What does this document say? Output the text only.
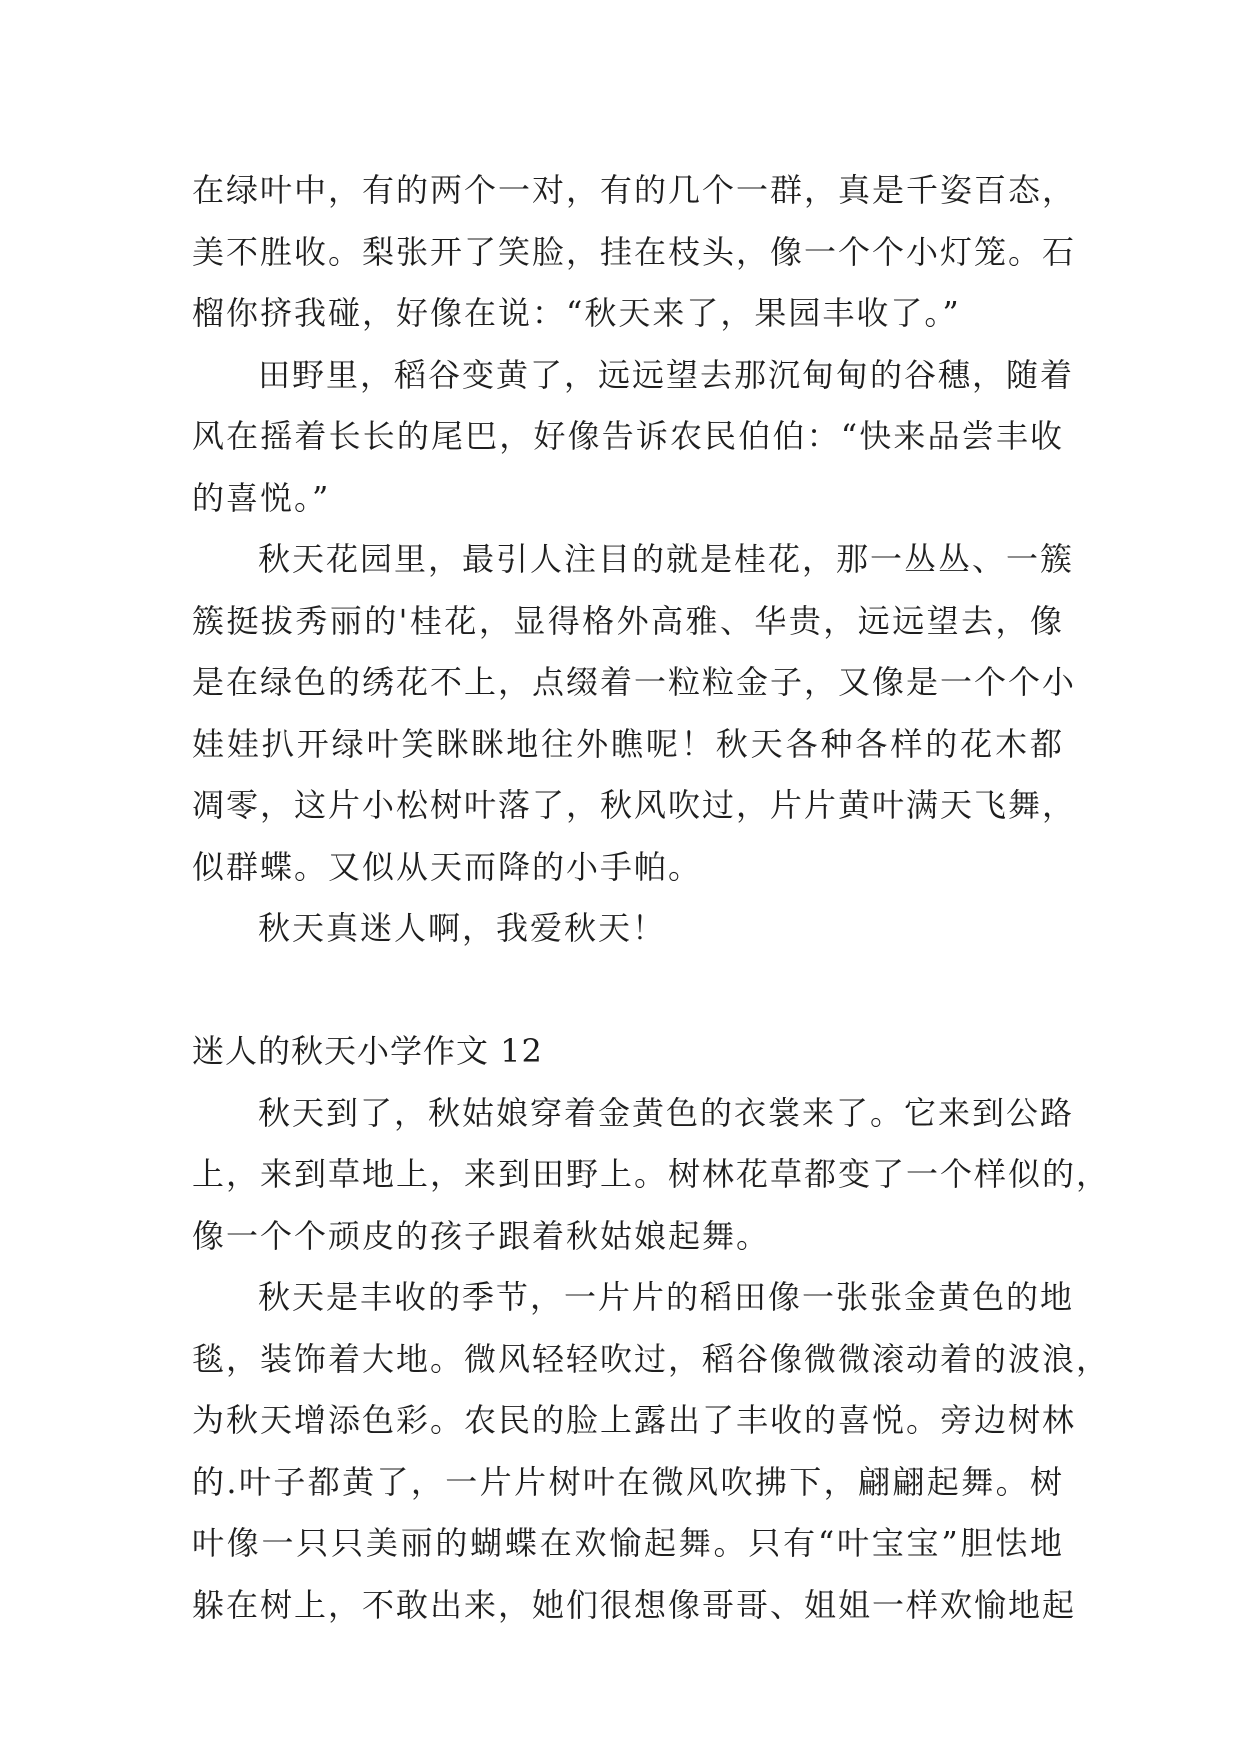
在绿叶中，有的两个一对，有的几个一群，真是千姿百态，
美不胜收。梨张开了笑脸，挂在枝头，像一个个小灯笼。石
榴你挤我碰，好像在说：“秋天来了，果园丰收了。”
田野里，稻谷变黄了，远远望去那沉甸甸的谷穗，随着
风在摇着长长的尾巴，好像告诉农民伯伯：“快来品尝丰收
的喜悦。”
秋天花园里，最引人注目的就是桂花，那一丛丛、一簇
簇挺拔秀丽的'桂花，显得格外高雅、华贵，远远望去，像
是在绿色的绣花不上，点缀着一粒粒金子，又像是一个个小
娃娃扒开绿叶笑眯眯地往外瞧呢！秋天各种各样的花木都
凋零，这片小松树叶落了，秋风吹过，片片黄叶满天飞舞，
似群蝶。又似从天而降的小手帕。
秋天真迷人啊，我爱秋天！
迷人的秋天小学作文 12
秋天到了，秋姑娘穿着金黄色的衣裳来了。它来到公路
上，来到草地上，来到田野上。树林花草都变了一个样似的，
像一个个顽皮的孩子跟着秋姑娘起舞。
秋天是丰收的季节，一片片的稻田像一张张金黄色的地
毯，装饰着大地。微风轻轻吹过，稻谷像微微滚动着的波浪，
为秋天增添色彩。农民的脸上露出了丰收的喜悦。旁边树林
的.叶子都黄了，一片片树叶在微风吹拂下，翩翩起舞。树
叶像一只只美丽的蝴蝶在欢愉起舞。只有“叶宝宝”胆怯地
躲在树上，不敢出来，她们很想像哥哥、姐姐一样欢愉地起
